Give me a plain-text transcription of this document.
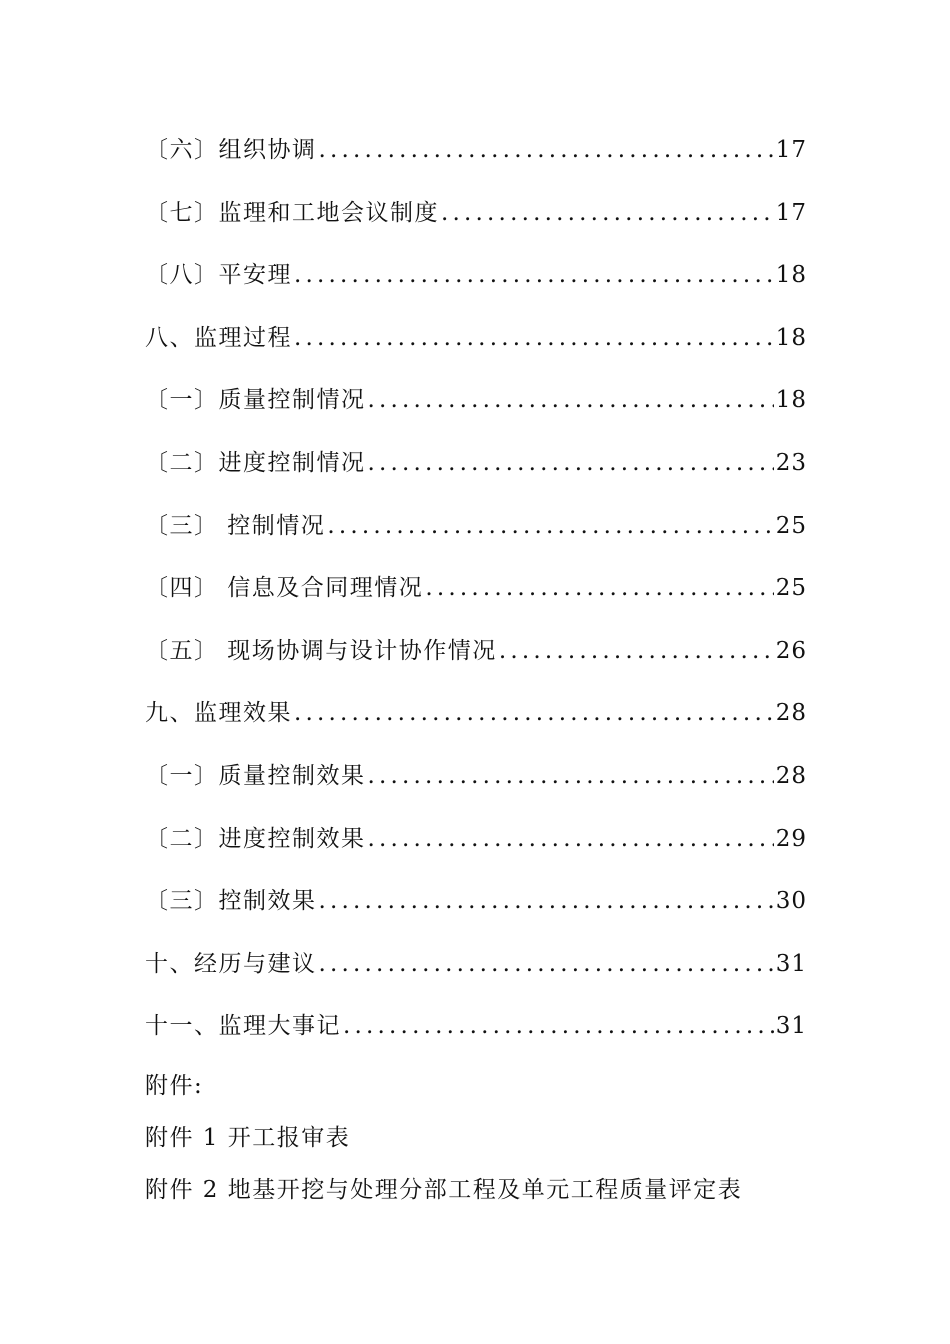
〔六〕组织协调 .....	17
〔七〕监理和工地会议制度 .....	17
〔八〕平安理 .....	18
八、监理过程 .....	18
〔一〕质量控制情况 .....	18
〔二〕进度控制情况 .....	23
〔三〕 控制情况 .....	25
〔四〕 信息及合同理情况 .....	25
〔五〕 现场协调与设计协作情况 .....	26
九、监理效果 .....	28
〔一〕质量控制效果 .....	28
〔二〕进度控制效果 .....	29
〔三〕控制效果 .....	30
十、经历与建议 .....	31
十一、监理大事记 .....	31
附件:
附件 1 开工报审表
附件 2 地基开挖与处理分部工程及单元工程质量评定表
